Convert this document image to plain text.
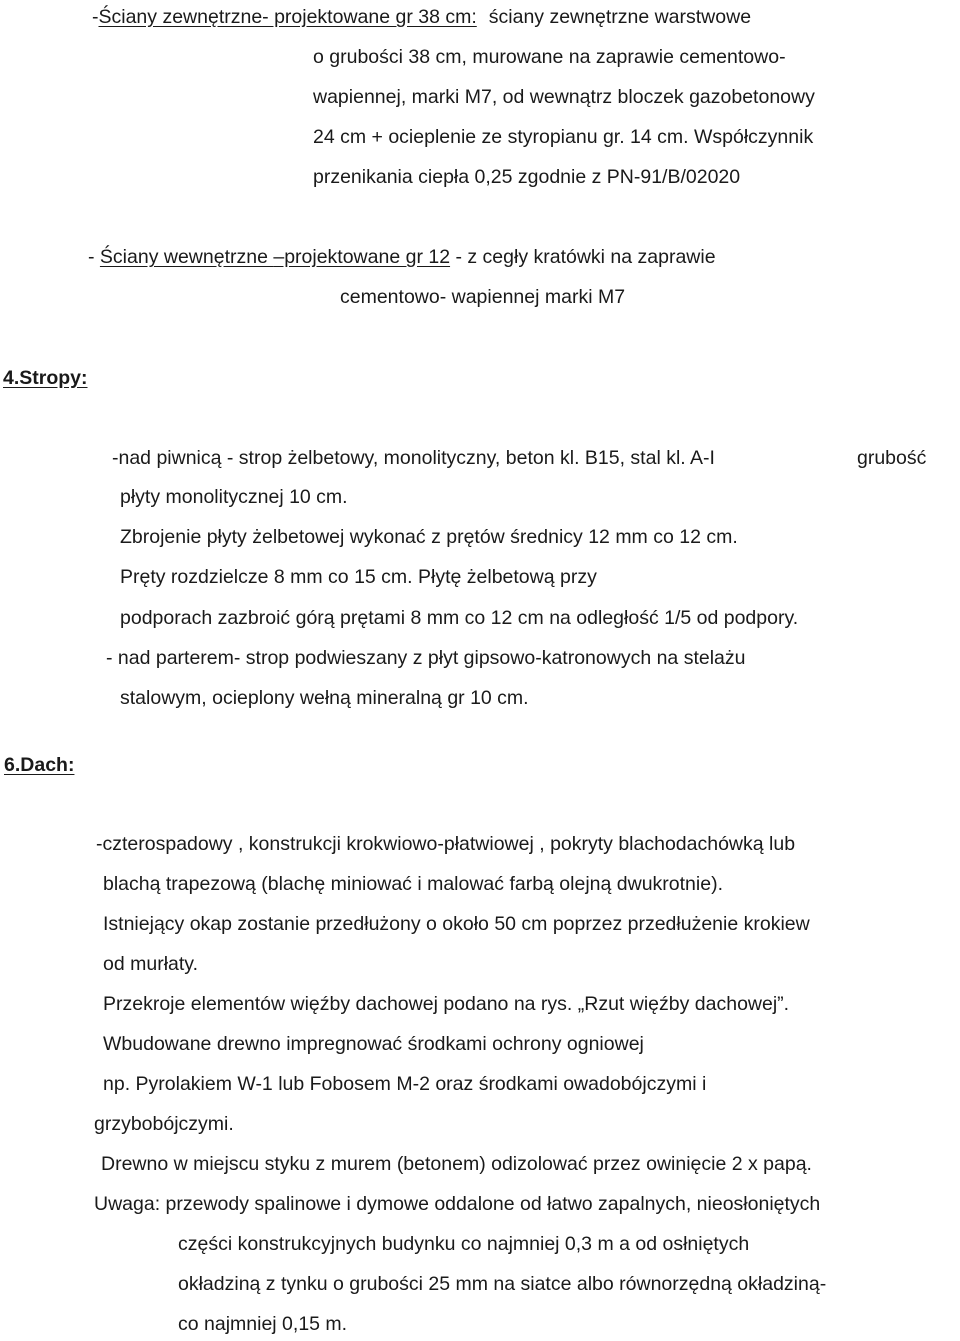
-Ściany zewnętrzne- projektowane gr 38 cm: ściany zewnętrzne warstwowe
o grubości 38 cm, murowane na zaprawie cementowo-
wapiennej, marki M7, od wewnątrz bloczek gazobetonowy
24 cm + ocieplenie ze styropianu gr. 14 cm. Współczynnik
przenikania ciepła 0,25 zgodnie z PN-91/B/02020
- Ściany wewnętrzne –projektowane gr 12 - z cegły kratówki na zaprawie
cementowo- wapiennej marki M7
4.Stropy:
-nad piwnicą - strop żelbetowy, monolityczny, beton kl. B15, stal kl. A-I	grubość
płyty monolitycznej 10 cm.
Zbrojenie płyty żelbetowej wykonać z prętów średnicy 12 mm co 12 cm.
Pręty rozdzielcze 8 mm co 15 cm. Płytę żelbetową przy
podporach zazbroić górą prętami 8 mm co 12 cm na odległość 1/5 od podpory.
- nad parterem- strop podwieszany z płyt gipsowo-katronowych na stelażu
stalowym, ocieplony wełną mineralną gr 10 cm.
6.Dach:
-czterospadowy , konstrukcji krokwiowo-płatwiowej , pokryty blachodachówką lub
blachą trapezową (blachę miniować i malować farbą olejną dwukrotnie).
Istniejący okap zostanie przedłużony o około 50 cm poprzez przedłużenie krokiew
od murłaty.
Przekroje elementów więźby dachowej podano na rys. „Rzut więźby dachowej”.
Wbudowane drewno impregnować środkami ochrony ogniowej
np. Pyrolakiem W-1 lub Fobosem M-2 oraz środkami owadobójczymi i
grzybobójczymi.
Drewno w miejscu styku z murem (betonem) odizolować przez owinięcie 2 x papą.
Uwaga: przewody spalinowe i dymowe oddalone od łatwo zapalnych, nieosłoniętych
części konstrukcyjnych budynku co najmniej 0,3 m a od osłniętych
okładziną z tynku o grubości 25 mm na siatce albo równorzędną okładziną-
co najmniej 0,15 m.
